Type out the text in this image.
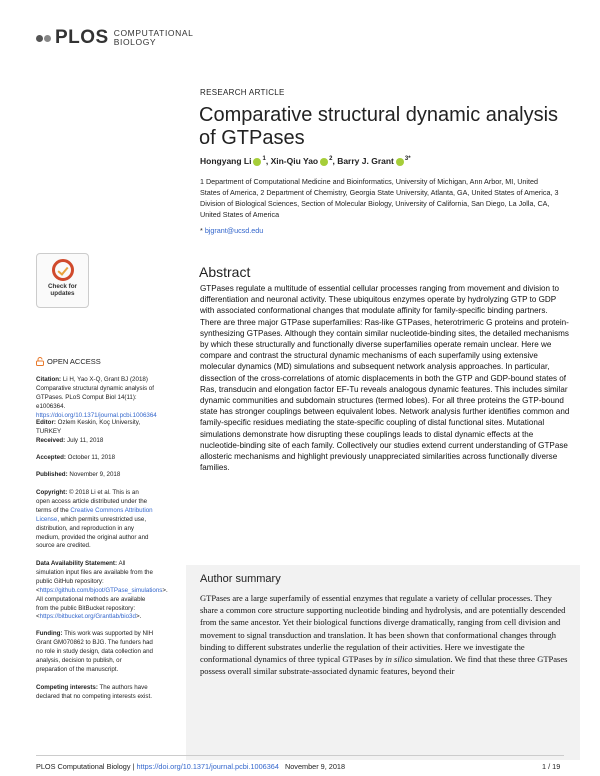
PLOS COMPUTATIONAL
BIOLOGY
RESEARCH ARTICLE
Comparative structural dynamic analysis of GTPases
Hongyang Li $^1$, Xin-Qiu Yao $^2$, Barry J. Grant $^{3*}$
1 Department of Computational Medicine and Bioinformatics, University of Michigan, Ann Arbor, MI, United States of America, 2 Department of Chemistry, Georgia State University, Atlanta, GA, United States of America, 3 Division of Biological Sciences, Section of Molecular Biology, University of California, San Diego, La Jolla, CA, United States of America
* bjgrant@ucsd.edu
Check for
updates
OPEN ACCESS
Citation: Li H, Yao X-Q, Grant BJ (2018) Comparative structural dynamic analysis of GTPases. PLoS Comput Biol 14(11): e1006364. https://doi.org/10.1371/journal.pcbi.1006364
Editor: Ozlem Keskin, Koç University, TURKEY
Received: July 11, 2018
Accepted: October 11, 2018
Published: November 9, 2018
Copyright: © 2018 Li et al. This is an open access article distributed under the terms of the Creative Commons Attribution License, which permits unrestricted use, distribution, and reproduction in any medium, provided the original author and source are credited.
Data Availability Statement: All simulation input files are available from the public GitHub repository: <https://github.com/bjoot/GTPase_simulations>. All computational methods are available from the public BitBucket repository: <https://bitbucket.org/Grantlab/bio3d>.
Funding: This work was supported by NIH Grant GM070862 to BJG. The funders had no role in study design, data collection and analysis, decision to publish, or preparation of the manuscript.
Competing interests: The authors have declared that no competing interests exist.
Abstract
GTPases regulate a multitude of essential cellular processes ranging from movement and division to differentiation and neuronal activity. These ubiquitous enzymes operate by hydrolyzing GTP to GDP with associated conformational changes that modulate affinity for family-specific binding partners. There are three major GTPase superfamilies: Ras-like GTPases, heterotrimeric G proteins and protein-synthesizing GTPases. Although they contain similar nucleotide-binding sites, the detailed mechanisms by which these structurally and functionally diverse superfamilies operate remain unclear. Here we compare and contrast the structural dynamic mechanisms of each superfamily using extensive molecular dynamics (MD) simulations and subsequent network analysis approaches. In particular, dissection of the cross-correlations of atomic displacements in both the GTP and GDP-bound states of Ras, transducin and elongation factor EF-Tu reveals analogous dynamic features. This includes similar dynamic communities and subdomain structures (termed lobes). For all three proteins the GTP-bound state has stronger couplings between equivalent lobes. Network analysis further identifies common and family-specific residues mediating the state-specific coupling of distal functional sites. Mutational simulations demonstrate how disrupting these couplings leads to distal dynamic effects at the nucleotide-binding site of each family. Collectively our studies extend current understanding of GTPase allosteric mechanisms and highlight previously unappreciated similarities across functionally diverse families.
Author summary
GTPases are a large superfamily of essential enzymes that regulate a variety of cellular processes. They share a common core structure supporting nucleotide binding and hydrolysis, and are potentially descended from the same ancestor. Yet their biological functions diverge dramatically, ranging from cell division and movement to signal transduction and translation. It has been shown that conformational changes through binding to different substrates underlie the regulation of their activities. Here we investigate the conformational dynamics of three typical GTPases by in silico simulation. We find that these three GTPases possess overall similar substrate-associated dynamic features, beyond their
PLOS Computational Biology | https://doi.org/10.1371/journal.pcbi.1006364 November 9, 2018	1 / 19
